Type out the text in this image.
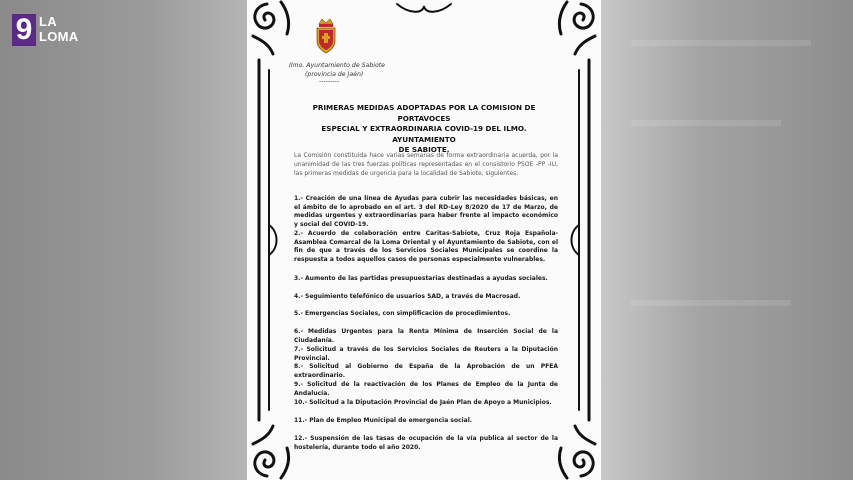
9 LA
LOMA
Ilmo. Ayuntamiento de Sabiote
(provincia de Jaén)
---------
PRIMERAS MEDIDAS ADOPTADAS POR LA COMISION DE PORTAVOCES
ESPECIAL Y EXTRAORDINARIA COVID-19 DEL ILMO. AYUNTAMIENTO
DE SABIOTE.
La Comisión constituida hace varias semanas de forma extraordinaria acuerda, por la unanimidad de las tres fuerzas políticas representadas en el consistorio PSOE -PP -IU, las primeras medidas de urgencia para la localidad de Sabiote, siguientes:
1.- Creación de una línea de Ayudas para cubrir las necesidades básicas, en el ámbito de lo aprobado en el art. 3 del RD-Ley 8/2020 de 17 de Marzo, de medidas urgentes y extraordinarias para haber frente al impacto económico y social del COVID-19.
2.- Acuerdo de colaboración entre Caritas-Sabiote, Cruz Roja Española-Asamblea Comarcal de la Loma Oriental y el Ayuntamiento de Sabiote, con el fin de que a través de los Servicios Sociales Municipales se coordine la respuesta a todos aquellos casos de personas especialmente vulnerables.
3.- Aumento de las partidas presupuestarias destinadas a ayudas sociales.
4.- Seguimiento telefónico de usuarios SAD, a través de Macrosad.
5.- Emergencias Sociales, con simplificación de procedimientos.
6.- Medidas Urgentes para la Renta Mínima de Inserción Social de la Ciudadanía.
7.- Solicitud a través de los Servicios Sociales de Reuters a la Diputación Provincial.
8.- Solicitud al Gobierno de España de la Aprobación de un PFEA extraordinario.
9.- Solicitud de la reactivación de los Planes de Empleo de la Junta de Andalucía.
10.- Solicitud a la Diputación Provincial de Jaén Plan de Apoyo a Municipios.
11.- Plan de Empleo Municipal de emergencia social.
12.- Suspensión de las tasas de ocupación de la vía publica al sector de la hostelería, durante todo el año 2020.
